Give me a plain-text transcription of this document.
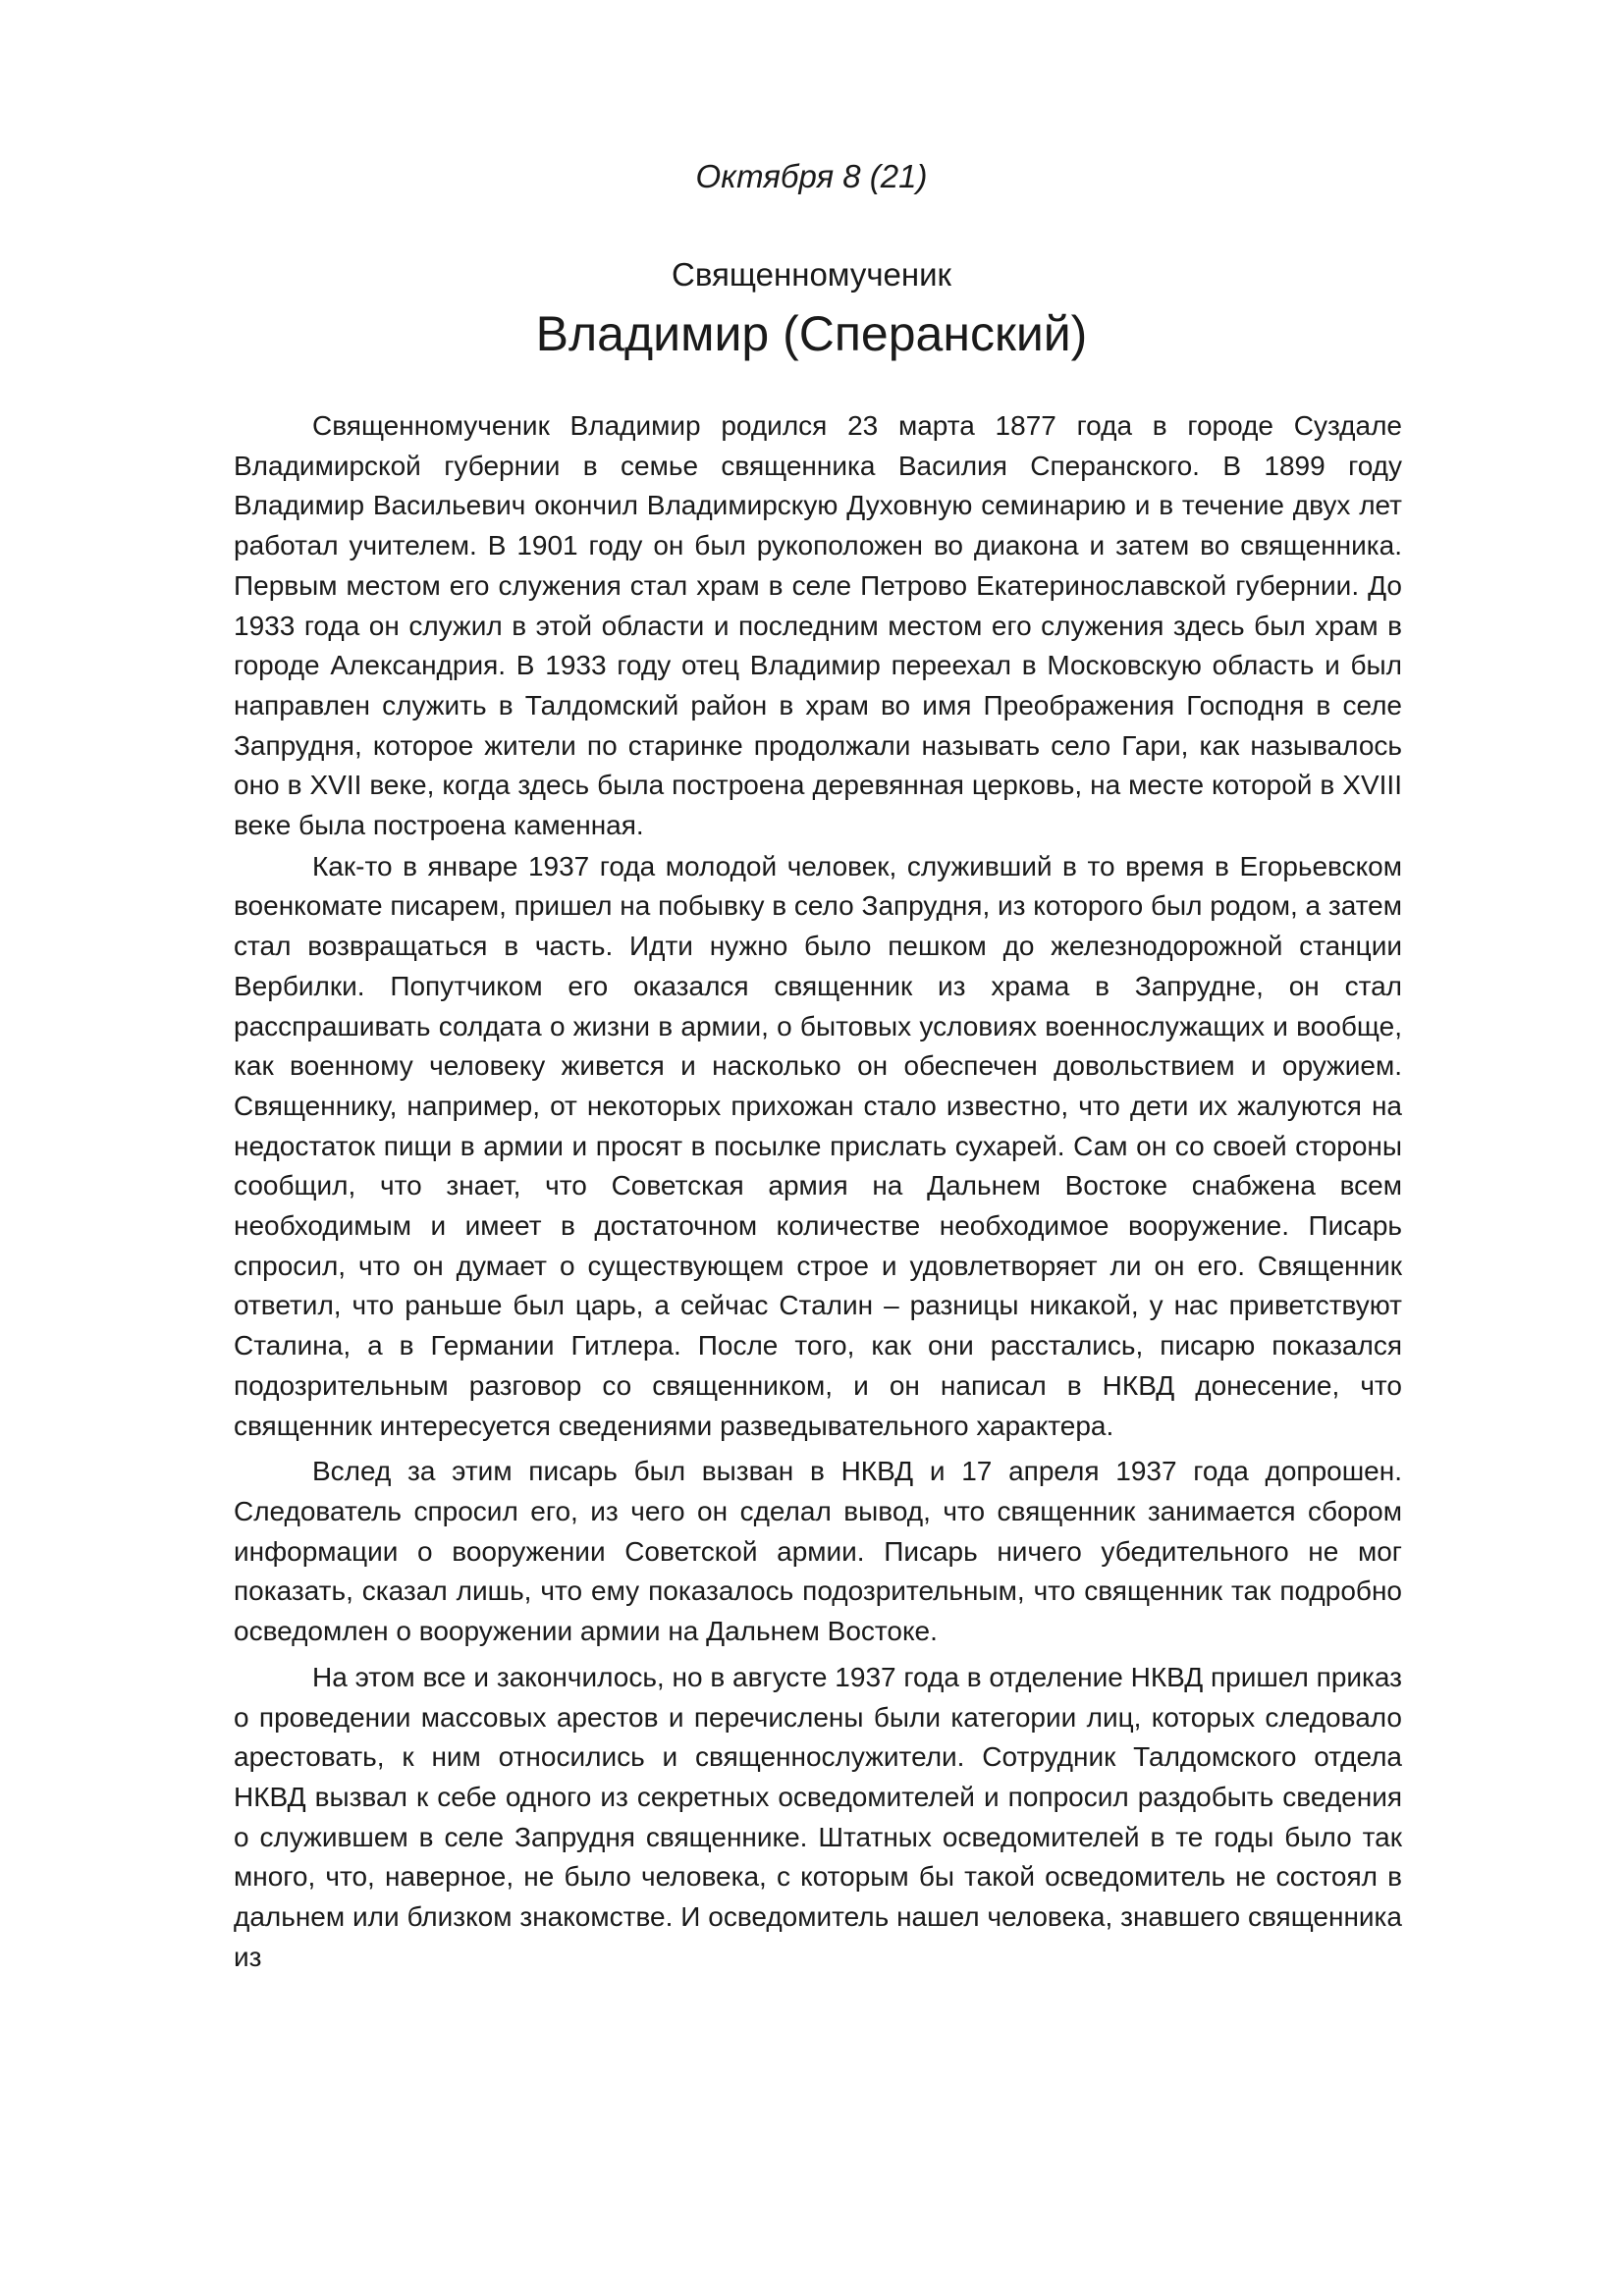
Октября 8 (21)
Священномученик
Владимир (Сперанский)

Священномученик Владимир родился 23 марта 1877 года в городе Суздале Владимирской губернии в семье священника Василия Сперанского. В 1899 году Владимир Васильевич окончил Владимирскую Духовную семинарию и в течение двух лет работал учителем. В 1901 году он был рукоположен во диакона и затем во священника. Первым местом его служения стал храм в селе Петрово Екатеринославской губернии. До 1933 года он служил в этой области и последним местом его служения здесь был храм в городе Александрия. В 1933 году отец Владимир переехал в Московскую область и был направлен служить в Талдомский район в храм во имя Преображения Господня в селе Запрудня, которое жители по старинке продолжали называть село Гари, как называлось оно в XVII веке, когда здесь была построена деревянная церковь, на месте которой в XVIII веке была построена каменная.

Как-то в январе 1937 года молодой человек, служивший в то время в Егорьевском военкомате писарем, пришел на побывку в село Запрудня, из которого был родом, а затем стал возвращаться в часть. Идти нужно было пешком до железнодорожной станции Вербилки. Попутчиком его оказался священник из храма в Запрудне, он стал расспрашивать солдата о жизни в армии, о бытовых условиях военнослужащих и вообще, как военному человеку живется и насколько он обеспечен довольствием и оружием. Священнику, например, от некоторых прихожан стало известно, что дети их жалуются на недостаток пищи в армии и просят в посылке прислать сухарей. Сам он со своей стороны сообщил, что знает, что Советская армия на Дальнем Востоке снабжена всем необходимым и имеет в достаточном количестве необходимое вооружение. Писарь спросил, что он думает о существующем строе и удовлетворяет ли он его. Священник ответил, что раньше был царь, а сейчас Сталин – разницы никакой, у нас приветствуют Сталина, а в Германии Гитлера. После того, как они расстались, писарю показался подозрительным разговор со священником, и он написал в НКВД донесение, что священник интересуется сведениями разведывательного характера.

Вслед за этим писарь был вызван в НКВД и 17 апреля 1937 года допрошен. Следователь спросил его, из чего он сделал вывод, что священник занимается сбором информации о вооружении Советской армии. Писарь ничего убедительного не мог показать, сказал лишь, что ему показалось подозрительным, что священник так подробно осведомлен о вооружении армии на Дальнем Востоке.

На этом все и закончилось, но в августе 1937 года в отделение НКВД пришел приказ о проведении массовых арестов и перечислены были категории лиц, которых следовало арестовать, к ним относились и священнослужители. Сотрудник Талдомского отдела НКВД вызвал к себе одного из секретных осведомителей и попросил раздобыть сведения о служившем в селе Запрудня священнике. Штатных осведомителей в те годы было так много, что, наверное, не было человека, с которым бы такой осведомитель не состоял в дальнем или близком знакомстве. И осведомитель нашел человека, знавшего священника из
